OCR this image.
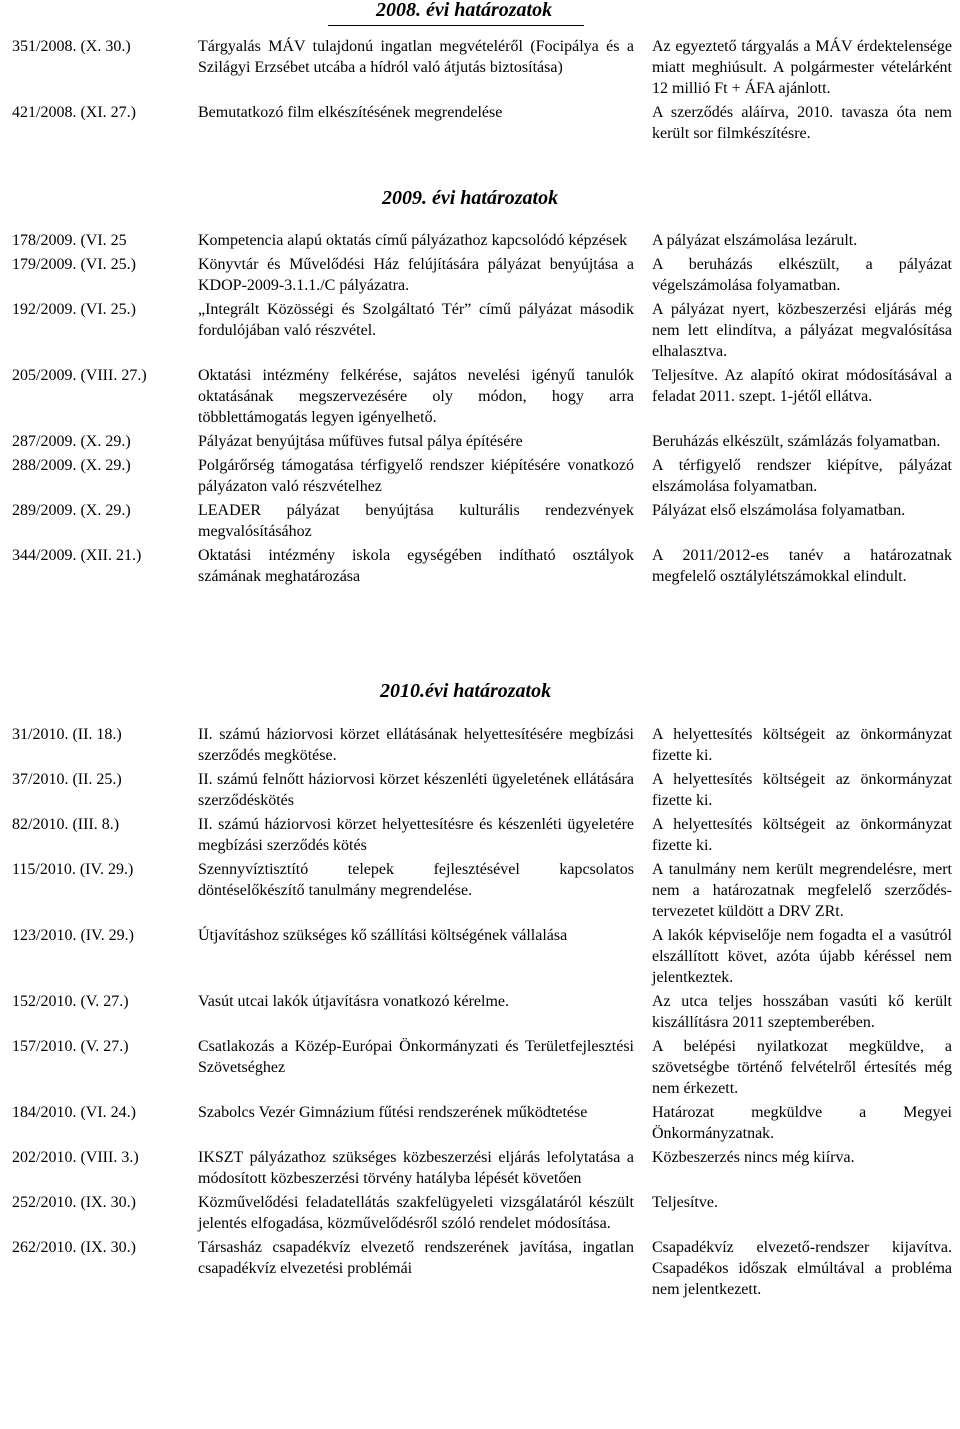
2008. évi határozatok
351/2008. (X. 30.)	Tárgyalás MÁV tulajdonú ingatlan megvételéről (Focipálya és a Szilágyi Erzsébet utcába a hídról való átjutás biztosítása)	Az egyeztető tárgyalás a MÁV érdektelensége miatt meghiúsult. A polgármester vételárként 12 millió Ft + ÁFA ajánlott.
421/2008. (XI. 27.)	Bemutatkozó film elkészítésének megrendelése	A szerződés aláírva, 2010. tavasza óta nem került sor filmkészítésre.
2009. évi határozatok
178/2009. (VI. 25	Kompetencia alapú oktatás című pályázathoz kapcsolódó képzések	A pályázat elszámolása lezárult.
179/2009. (VI. 25.)	Könyvtár és Művelődési Ház felújítására pályázat benyújtása a KDOP-2009-3.1.1./C pályázatra.	A beruházás elkészült, a pályázat végelszámolása folyamatban.
192/2009. (VI. 25.)	„Integrált Közösségi és Szolgáltató Tér” című pályázat második fordulójában való részvétel.	A pályázat nyert, közbeszerzési eljárás még nem lett elindítva, a pályázat megvalósítása elhalasztva.
205/2009. (VIII. 27.)	Oktatási intézmény felkérése, sajátos nevelési igényű tanulók oktatásának megszervezésére oly módon, hogy arra többlettámogatás legyen igényelhető.	Teljesítve. Az alapító okirat módosításával a feladat 2011. szept. 1-jétől ellátva.
287/2009. (X. 29.)	Pályázat benyújtása műfüves futsal pálya építésére	Beruházás elkészült, számlázás folyamatban.
288/2009. (X. 29.)	Polgárőrség támogatása térfigyelő rendszer kiépítésére vonatkozó pályázaton való részvételhez	A térfigyelő rendszer kiépítve, pályázat elszámolása folyamatban.
289/2009. (X. 29.)	LEADER pályázat benyújtása kulturális rendezvények megvalósításához	Pályázat első elszámolása folyamatban.
344/2009. (XII. 21.)	Oktatási intézmény iskola egységében indítható osztályok számának meghatározása	A 2011/2012-es tanév a határozatnak megfelelő osztálylétszámokkal elindult.
2010.évi határozatok
31/2010. (II. 18.)	II. számú háziorvosi körzet ellátásának helyettesítésére megbízási szerződés megkötése.	A helyettesítés költségeit az önkormányzat fizette ki.
37/2010. (II. 25.)	II. számú felnőtt háziorvosi körzet készenléti ügyeletének ellátására szerződéskötés	A helyettesítés költségeit az önkormányzat fizette ki.
82/2010. (III. 8.)	II. számú háziorvosi körzet helyettesítésre és készenléti ügyeletére megbízási szerződés kötés	A helyettesítés költségeit az önkormányzat fizette ki.
115/2010. (IV. 29.)	Szennyvíztisztító telepek fejlesztésével kapcsolatos döntéselőkészítő tanulmány megrendelése.	A tanulmány nem került megrendelésre, mert nem a határozatnak megfelelő szerződés-tervezetet küldött a DRV ZRt.
123/2010. (IV. 29.)	Útjavításhoz szükséges kő szállítási költségének vállalása	A lakók képviselője nem fogadta el a vasútról elszállított követ, azóta újabb kéréssel nem jelentkeztek.
152/2010. (V. 27.)	Vasút utcai lakók útjavításra vonatkozó kérelme.	Az utca teljes hosszában vasúti kő került kiszállításra 2011 szeptemberében.
157/2010. (V. 27.)	Csatlakozás a Közép-Európai Önkormányzati és Területfejlesztési Szövetséghez	A belépési nyilatkozat megküldve, a szövetségbe történő felvételről értesítés még nem érkezett.
184/2010. (VI. 24.)	Szabolcs Vezér Gimnázium fűtési rendszerének működtetése	Határozat megküldve a Megyei Önkormányzatnak.
202/2010. (VIII. 3.)	IKSZT pályázathoz szükséges közbeszerzési eljárás lefolytatása a módosított közbeszerzési törvény hatályba lépését követően	Közbeszerzés nincs még kiírva.
252/2010. (IX. 30.)	Közművelődési feladatellátás szakfelügyeleti vizsgálatáról készült jelentés elfogadása, közművelődésről szóló rendelet módosítása.	Teljesítve.
262/2010. (IX. 30.)	Társasház csapadékvíz elvezető rendszerének javítása, ingatlan csapadékvíz elvezetési problémái	Csapadékvíz elvezető-rendszer kijavítva. Csapadékos időszak elmúltával a probléma nem jelentkezett.
